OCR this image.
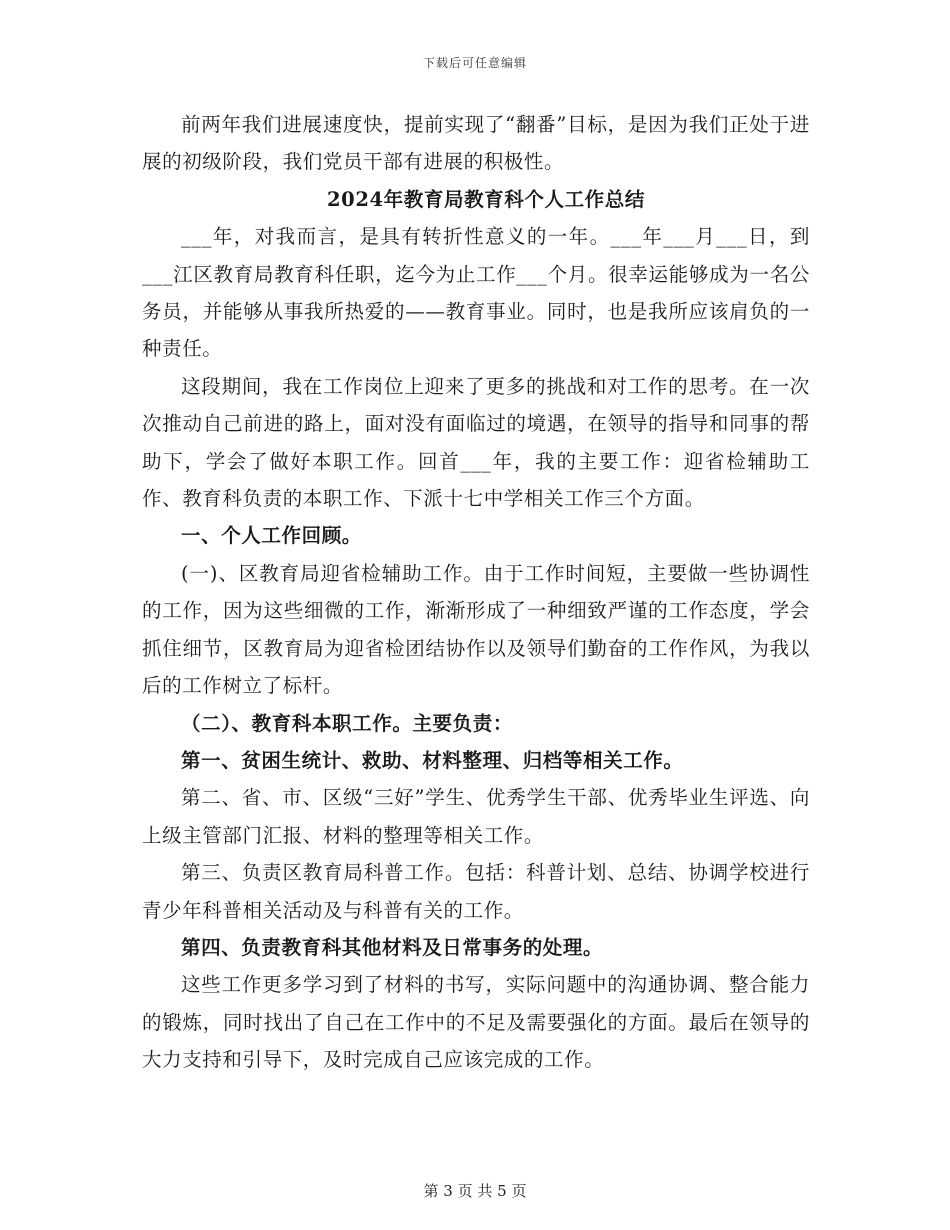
下载后可任意编辑

前两年我们进展速度快，提前实现了“翻番”目标，是因为我们正处于进展的初级阶段，我们党员干部有进展的积极性。

2024年教育局教育科个人工作总结

___年，对我而言，是具有转折性意义的一年。___年___月___日，到___江区教育局教育科任职，迄今为止工作___个月。很幸运能够成为一名公务员，并能够从事我所热爱的——教育事业。同时，也是我所应该肩负的一种责任。

这段期间，我在工作岗位上迎来了更多的挑战和对工作的思考。在一次次推动自己前进的路上，面对没有面临过的境遇，在领导的指导和同事的帮助下，学会了做好本职工作。回首___年，我的主要工作：迎省检辅助工作、教育科负责的本职工作、下派十七中学相关工作三个方面。

一、个人工作回顾。

(一)、区教育局迎省检辅助工作。由于工作时间短，主要做一些协调性的工作，因为这些细微的工作，渐渐形成了一种细致严谨的工作态度，学会抓住细节，区教育局为迎省检团结协作以及领导们勤奋的工作作风，为我以后的工作树立了标杆。

（二）、教育科本职工作。主要负责：

第一、贫困生统计、救助、材料整理、归档等相关工作。

第二、省、市、区级“三好”学生、优秀学生干部、优秀毕业生评选、向上级主管部门汇报、材料的整理等相关工作。

第三、负责区教育局科普工作。包括：科普计划、总结、协调学校进行青少年科普相关活动及与科普有关的工作。

第四、负责教育科其他材料及日常事务的处理。

这些工作更多学习到了材料的书写，实际问题中的沟通协调、整合能力的锻炼，同时找出了自己在工作中的不足及需要强化的方面。最后在领导的大力支持和引导下，及时完成自己应该完成的工作。

第 3 页 共 5 页
